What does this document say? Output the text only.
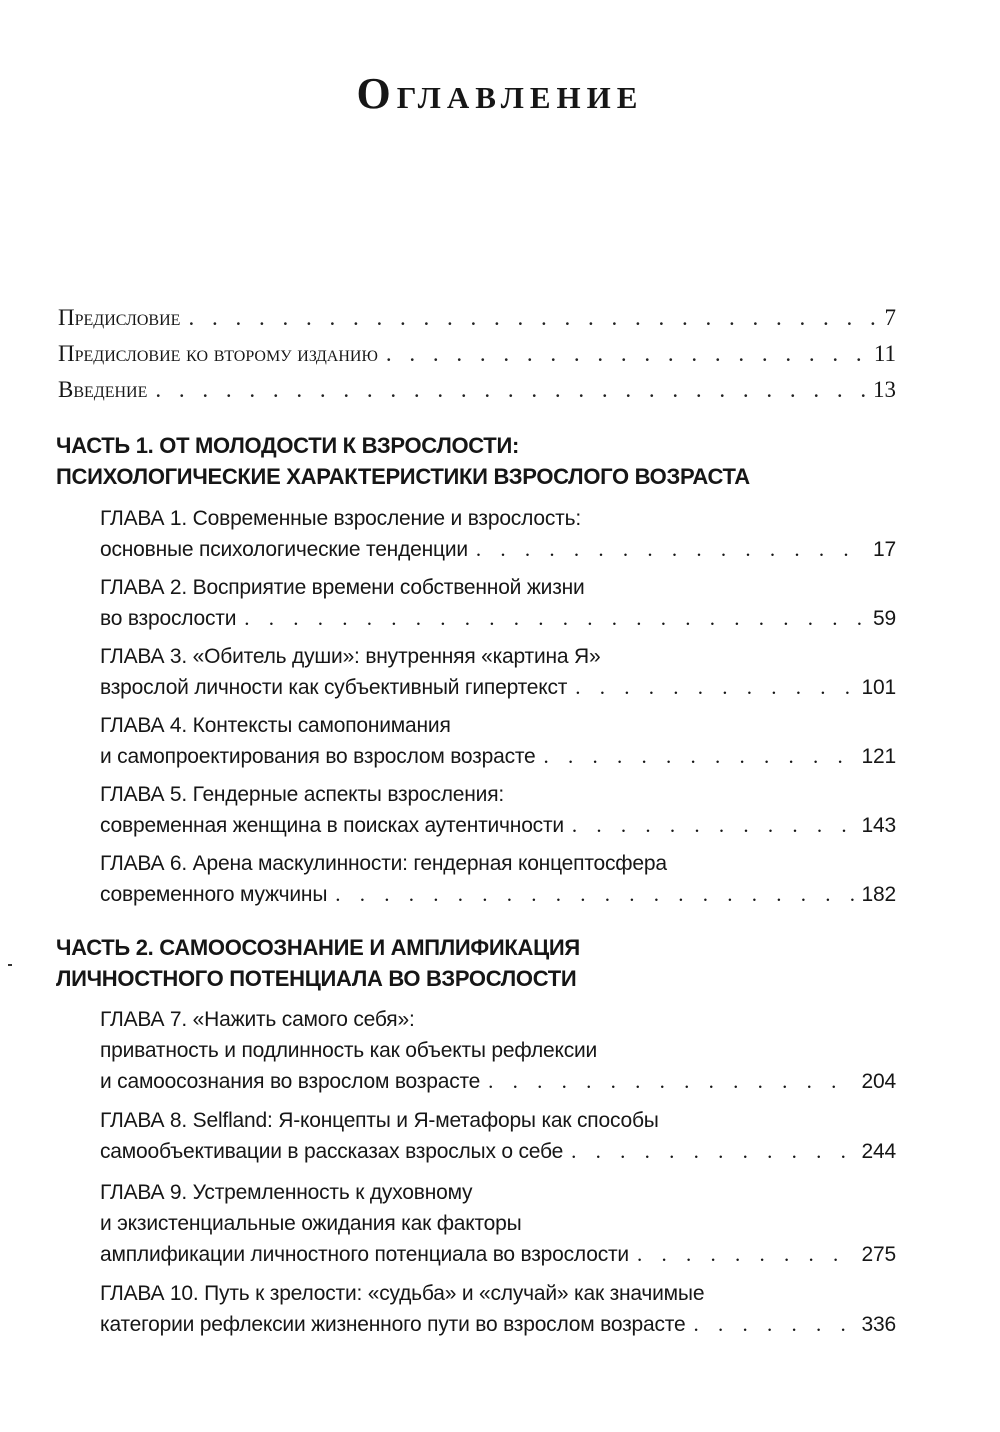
Оглавление
Предисловие . . .	7
Предисловие ко второму изданию . . .	11
Введение . . .	13
ЧАСТЬ 1. ОТ МОЛОДОСТИ К ВЗРОСЛОСТИ:
ПСИХОЛОГИЧЕСКИЕ ХАРАКТЕРИСТИКИ ВЗРОСЛОГО ВОЗРАСТА
ГЛАВА 1. Современные взросление и взрослость:
основные психологические тенденции . . .	17
ГЛАВА 2. Восприятие времени собственной жизни
во взрослости . . .	59
ГЛАВА 3. «Обитель души»: внутренняя «картина Я»
взрослой личности как субъективный гипертекст . . .	101
ГЛАВА 4. Контексты самопонимания
и самопроектирования во взрослом возрасте . . .	121
ГЛАВА 5. Гендерные аспекты взросления:
современная женщина в поисках аутентичности . . .	143
ГЛАВА 6. Арена маскулинности: гендерная концептосфера
современного мужчины . . .	182
ЧАСТЬ 2. САМООСОЗНАНИЕ И АМПЛИФИКАЦИЯ
ЛИЧНОСТНОГО ПОТЕНЦИАЛА ВО ВЗРОСЛОСТИ
ГЛАВА 7. «Нажить самого себя»:
приватность и подлинность как объекты рефлексии
и самоосознания во взрослом возрасте . . .	204
ГЛАВА 8. Selfland: Я-концепты и Я-метафоры как способы
самообъективации в рассказах взрослых о себе . . .	244
ГЛАВА 9. Устремленность к духовному
и экзистенциальные ожидания как факторы
амплификации личностного потенциала во взрослости . . .	275
ГЛАВА 10. Путь к зрелости: «судьба» и «случай» как значимые
категории рефлексии жизненного пути во взрослом возрасте . . .	336
